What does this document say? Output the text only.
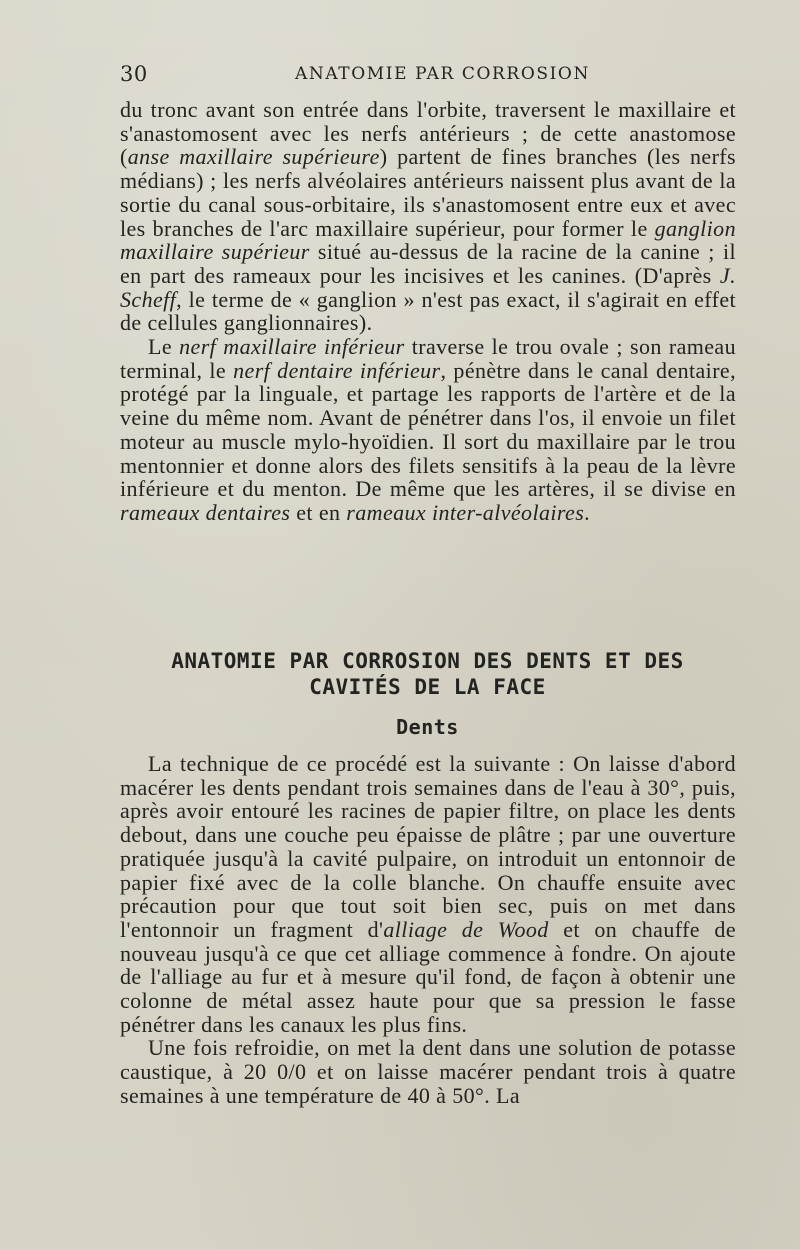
30	ANATOMIE PAR CORROSION

du tronc avant son entrée dans l'orbite, traversent le maxillaire et s'anastomosent avec les nerfs antérieurs ; de cette anastomose (anse maxillaire supérieure) partent de fines branches (les nerfs médians) ; les nerfs alvéolaires antérieurs naissent plus avant de la sortie du canal sous-orbitaire, ils s'anastomosent entre eux et avec les branches de l'arc maxillaire supérieur, pour former le ganglion maxillaire supérieur situé au-dessus de la racine de la canine ; il en part des rameaux pour les incisives et les canines. (D'après J. Scheff, le terme de « ganglion » n'est pas exact, il s'agirait en effet de cellules ganglionnaires).

Le nerf maxillaire inférieur traverse le trou ovale ; son rameau terminal, le nerf dentaire inférieur, pénètre dans le canal dentaire, protégé par la linguale, et partage les rapports de l'artère et de la veine du même nom. Avant de pénétrer dans l'os, il envoie un filet moteur au muscle mylo-hyoïdien. Il sort du maxillaire par le trou mentonnier et donne alors des filets sensitifs à la peau de la lèvre inférieure et du menton. De même que les artères, il se divise en rameaux dentaires et en rameaux inter-alvéolaires.

ANATOMIE PAR CORROSION DES DENTS ET DES
CAVITÉS DE LA FACE
Dents

La technique de ce procédé est la suivante : On laisse d'abord macérer les dents pendant trois semaines dans de l'eau à 30°, puis, après avoir entouré les racines de papier filtre, on place les dents debout, dans une couche peu épaisse de plâtre ; par une ouverture pratiquée jusqu'à la cavité pulpaire, on introduit un entonnoir de papier fixé avec de la colle blanche. On chauffe ensuite avec précaution pour que tout soit bien sec, puis on met dans l'entonnoir un fragment d'alliage de Wood et on chauffe de nouveau jusqu'à ce que cet alliage commence à fondre. On ajoute de l'alliage au fur et à mesure qu'il fond, de façon à obtenir une colonne de métal assez haute pour que sa pression le fasse pénétrer dans les canaux les plus fins.

Une fois refroidie, on met la dent dans une solution de potasse caustique, à 20 0/0 et on laisse macérer pendant trois à quatre semaines à une température de 40 à 50°. La
